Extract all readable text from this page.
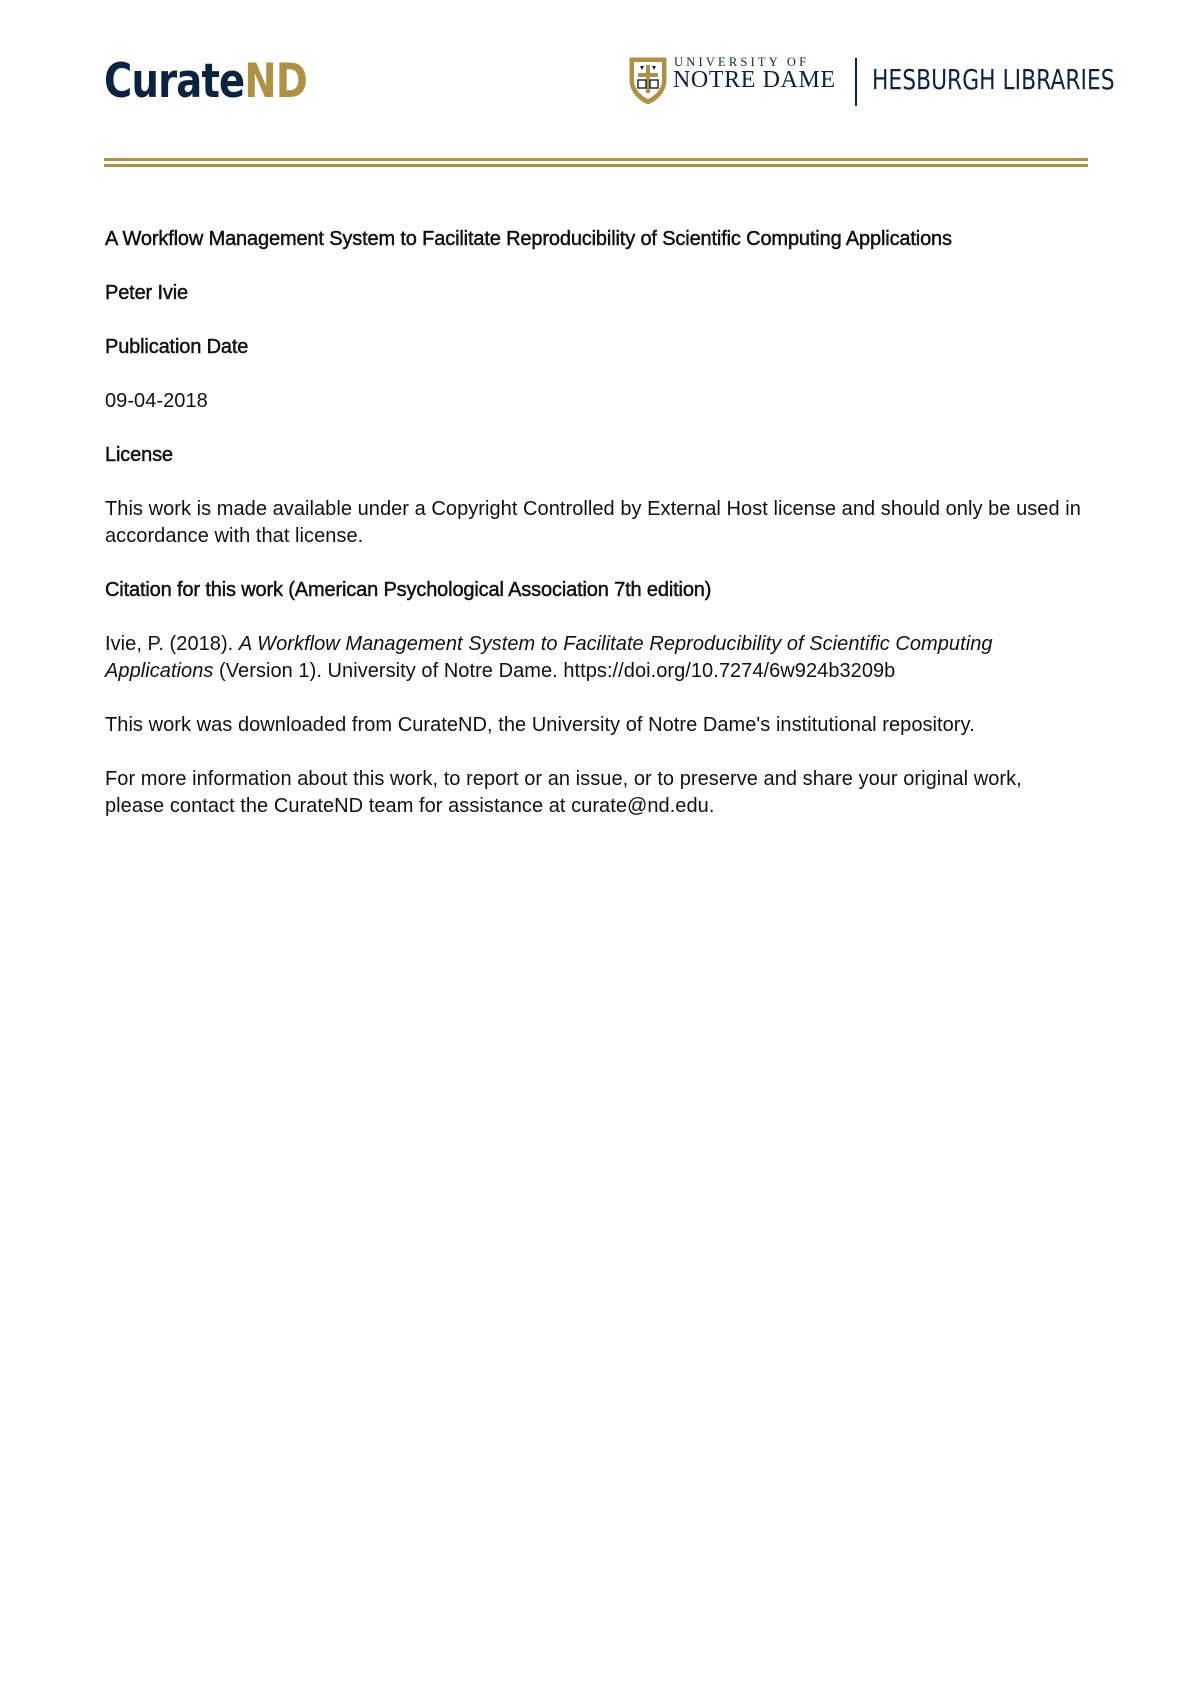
CurateND	UNIVERSITY OF
NOTRE DAME HESBURGH LIBRARIES
A Workflow Management System to Facilitate Reproducibility of Scientific Computing Applications
Peter Ivie
Publication Date
09-04-2018
License
This work is made available under a Copyright Controlled by External Host license and should only be used in
accordance with that license.
Citation for this work (American Psychological Association 7th edition)
Ivie, P. (2018). A Workflow Management System to Facilitate Reproducibility of Scientific Computing
Applications (Version 1). University of Notre Dame. https://doi.org/10.7274/6w924b3209b
This work was downloaded from CurateND, the University of Notre Dame's institutional repository.
For more information about this work, to report or an issue, or to preserve and share your original work,
please contact the CurateND team for assistance at curate@nd.edu.
